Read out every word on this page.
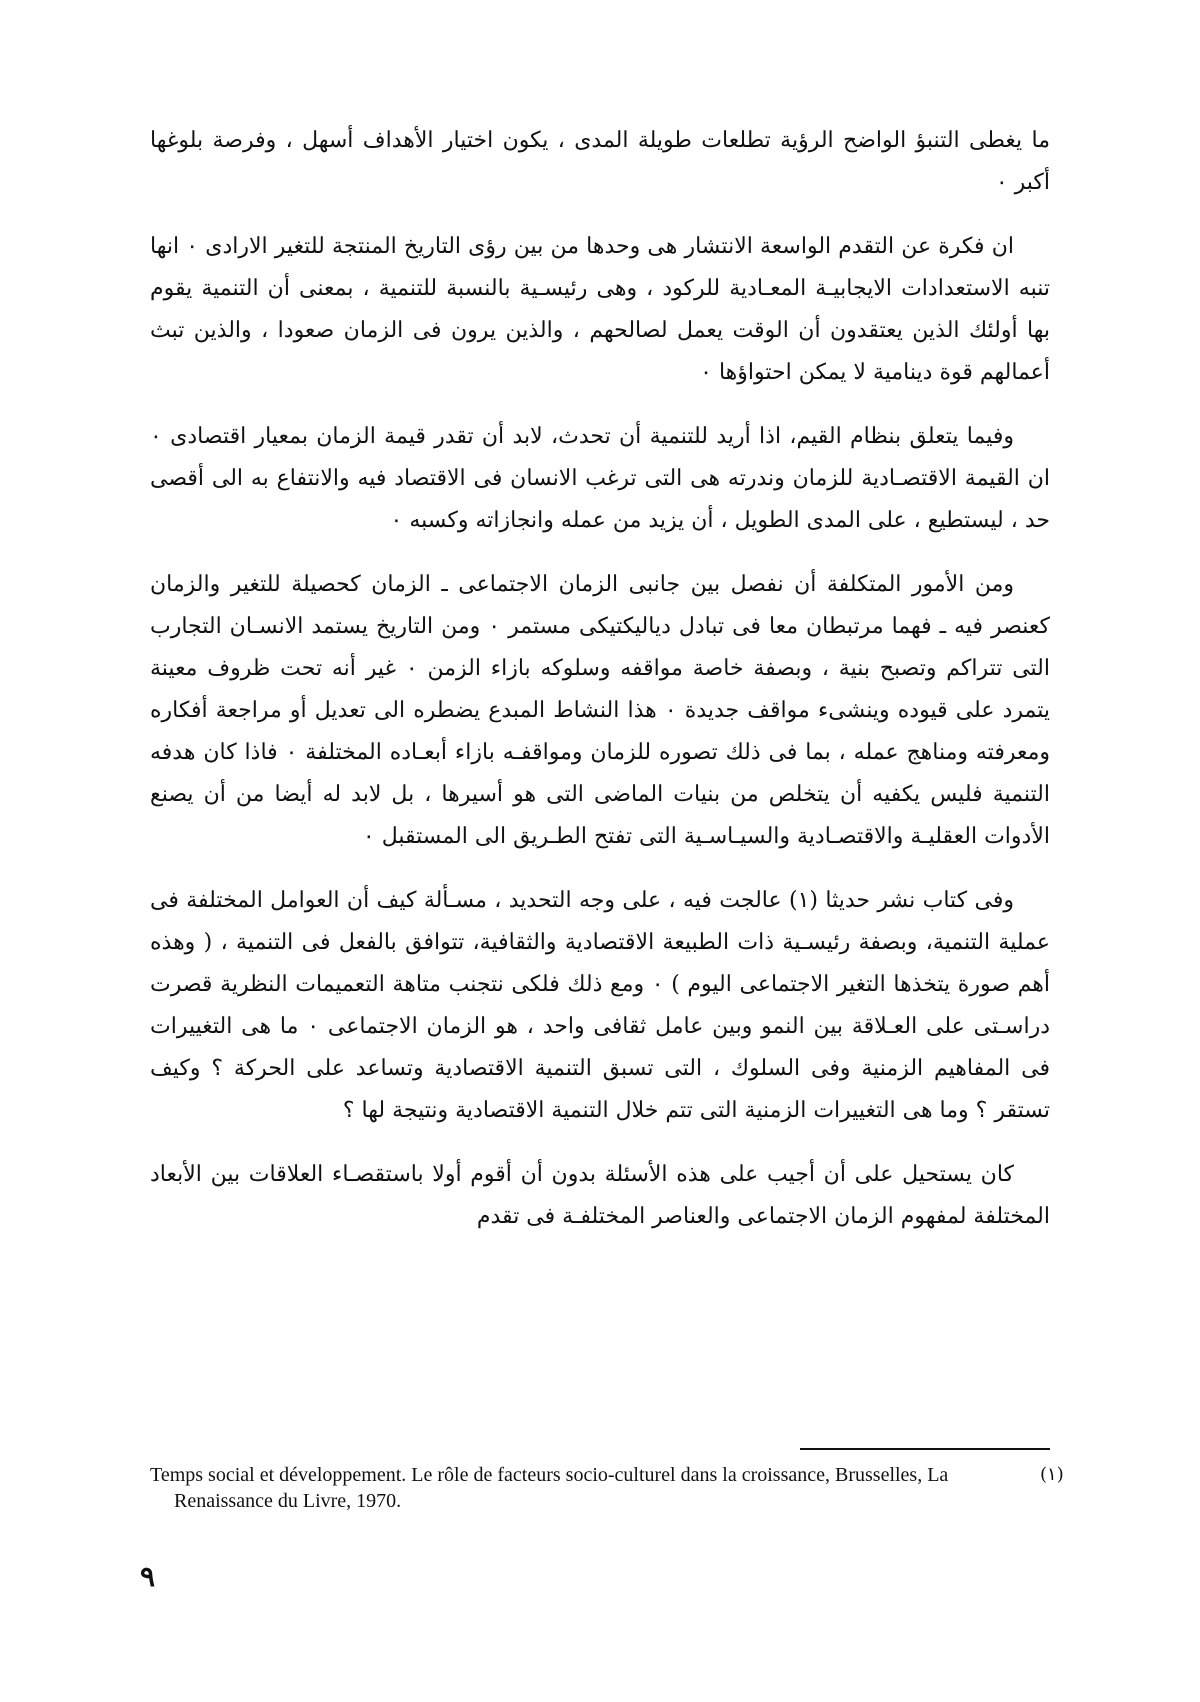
ما يغطى التنبؤ الواضح الرؤية تطلعات طويلة المدى ، يكون اختيار الأهداف أسهل ، وفرصة بلوغها أكبر ٠

ان فكرة عن التقدم الواسعة الانتشار هى وحدها من بين رؤى التاريخ المنتجة للتغير الارادى ٠ انها تنبه الاستعدادات الايجابيـة المعـادية للركود ، وهى رئيسـية بالنسبة للتنمية ، بمعنى أن التنمية يقوم بها أولئك الذين يعتقدون أن الوقت يعمل لصالحهم ، والذين يرون فى الزمان صعودا ، والذين تبث أعمالهم قوة دينامية لا يمكن احتواؤها ٠

وفيما يتعلق بنظام القيم، اذا أريد للتنمية أن تحدث، لابد أن تقدر قيمة الزمان بمعيار اقتصادى ٠ ان القيمة الاقتصـادية للزمان وندرته هى التى ترغب الانسان فى الاقتصاد فيه والانتفاع به الى أقصى حد ، ليستطيع ، على المدى الطويل ، أن يزيد من عمله وانجازاته وكسبه ٠

ومن الأمور المتكلفة أن نفصل بين جانبى الزمان الاجتماعى ـ الزمان كحصيلة للتغير والزمان كعنصر فيه ـ فهما مرتبطان معا فى تبادل دياليكتيكى مستمر ٠ ومن التاريخ يستمد الانسـان التجارب التى تتراكم وتصبح بنية ، وبصفة خاصة مواقفه وسلوكه بازاء الزمن ٠ غير أنه تحت ظروف معينة يتمرد على قيوده وينشىء مواقف جديدة ٠ هذا النشاط المبدع يضطره الى تعديل أو مراجعة أفكاره ومعرفته ومناهج عمله ، بما فى ذلك تصوره للزمان ومواقفـه بازاء أبعـاده المختلفة ٠ فاذا كان هدفه التنمية فليس يكفيه أن يتخلص من بنيات الماضى التى هو أسيرها ، بل لابد له أيضا من أن يصنع الأدوات العقليـة والاقتصـادية والسيـاسـية التى تفتح الطـريق الى المستقبل ٠

وفى كتاب نشر حديثا (١) عالجت فيه ، على وجه التحديد ، مسـألة كيف أن العوامل المختلفة فى عملية التنمية، وبصفة رئيسـية ذات الطبيعة الاقتصادية والثقافية، تتوافق بالفعل فى التنمية ، ( وهذه أهم صورة يتخذها التغير الاجتماعى اليوم ) ٠ ومع ذلك فلكى نتجنب متاهة التعميمات النظرية قصرت دراسـتى على العـلاقة بين النمو وبين عامل ثقافى واحد ، هو الزمان الاجتماعى ٠ ما هى التغييرات فى المفاهيم الزمنية وفى السلوك ، التى تسبق التنمية الاقتصادية وتساعد على الحركة ؟ وكيف تستقر ؟ وما هى التغييرات الزمنية التى تتم خلال التنمية الاقتصادية ونتيجة لها ؟

كان يستحيل على أن أجيب على هذه الأسئلة بدون أن أقوم أولا باستقصـاء العلاقات بين الأبعاد المختلفة لمفهوم الزمان الاجتماعى والعناصر المختلفـة فى تقدم

(١)
Temps social et développement. Le rôle de facteurs socio-culturel dans la croissance, Brusselles, La Renaissance du Livre, 1970.
٩
